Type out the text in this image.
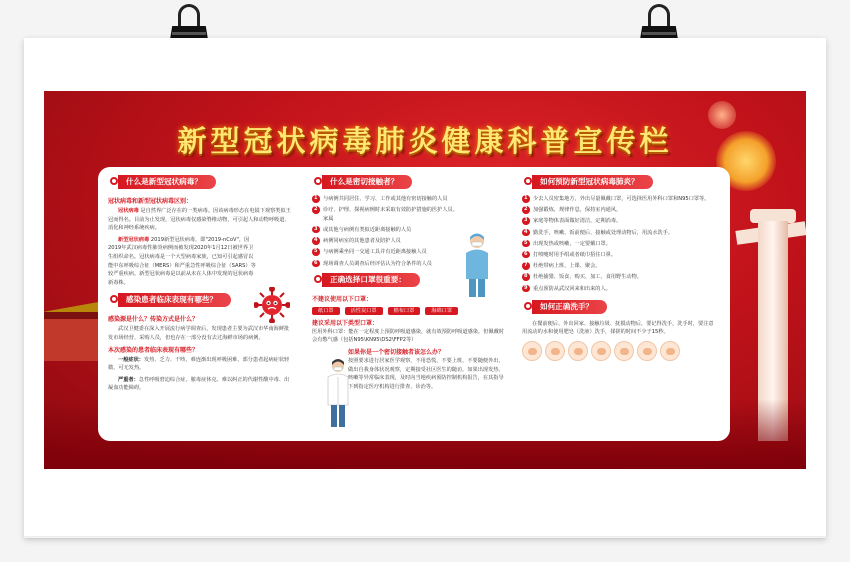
新型冠状病毒肺炎健康科普宣传栏
什么是新型冠状病毒？
冠状病毒和新型冠状病毒区别：
冠状病毒 是自然界广泛存在的一类病毒。因该病毒形态在电镜下观察类似王冠而得名。目前为止发现，冠状病毒仅感染脊椎动物，可引起人和动物呼吸道、消化和神经系统疾病。
新型冠状病毒 2019新型冠状病毒，即"2019-nCoV"，因2019年武汉病毒性肺炎病例而被发现2020年1月12日被世界卫生组织命名。冠状病毒是一个大型病毒家族，已知可引起感冒以能中东呼吸综合征（MERS）和严重急性呼吸综合征（SARS）等较严重疾病。新型冠状病毒是以前从未在人体中发现的冠状病毒新毒株。
感染患者临床表现有哪些？
感染源是什么？传染方式是什么？
武汉卫健委在深入开展流行病学调查后，发现患者主要为武汉市华南海鲜批发市场经营、采购人员，但也存在一部分没有去过海鲜市场的病例。
本次感染的患者临床表现有哪些？
一般症状：发热、乏力、干咳、难连渐出现呼吸困难，部分患者起病症状轻微，可无发热。
严重者：急性呼吸窘迫综合症、脓毒症休克、难以纠正的代谢性酸中毒、出凝血功能障碍。
什么是密切接触者？
1	与病例共同居住、学习、工作或其他有密切接触的人员
2	诊疗、护理、探视病例时未采取有效防护措施的医护人员、家属
3	或其他与病例有类似近距离接触的人员
4	病例同病室的其他患者及陪护人员
5	与病例乘坐同一交通工具并有近距离接触人员
6	现场调查人员调查后经评估认为符合条件的人员
正确选择口罩很重要：
不建议使用以下口罩：
纸口罩	活性炭口罩	棉布口罩	海绵口罩
建议采用以下类型口罩：
医用外科口罩：能在一定程度上预防呼吸道感染，就有效预防呼吸道感染。但佩戴时会有憋气感（包括N95\KN95\DS2\FFP2等）
如果你是一个密切接触者该怎么办？
按照要求进行居家医学观察，不用恐慌，不要上班，不要随便外出，做出自我身体状况观察，定期接受社区医生的随访，如果出现发热、咳嗽等异常临床表现，及时向当地疾病预防控制机构报告，在其指导下到指定医疗机构进行排查、诊治等。
如何预防新型冠状病毒肺炎？
1	少去人员密集地方，外出尽量佩戴口罩，可选择医用外科口罩和N95口罩等。
2	加强锻炼，规律作息，保持室内通风。
3	家庭等物体表面做好清洁，定期消毒。
4	勤洗手，咳嗽、饭前便后、接触或处理动物后，用流水洗手。
5	出现发热或咳嗽，一定要戴口罩。
6	打喷嚏时用手绢或者纸巾捂住口鼻。
7	杜绝带病上班、上课、聚会。
8	杜绝捕猎、饭食、购买、加工、食用野生动物。
9	重点预防从武汉回来和出来的人。
如何正确洗手？
在餐前便后、外出回家、接触垃圾、抚摸动物后，要记得洗手，洗手时，要注意用流动的水和使用肥皂（洗液）洗手，揉搓的时间不少于15秒。
